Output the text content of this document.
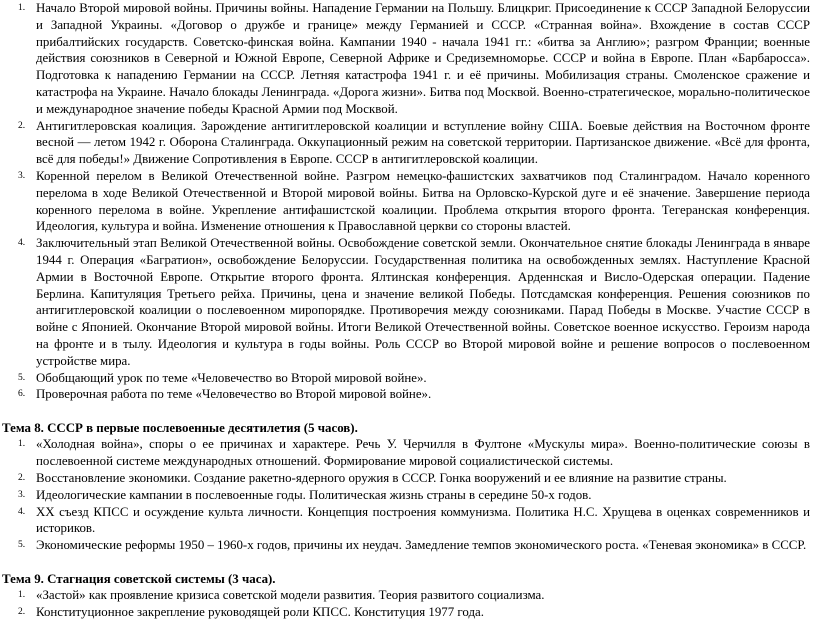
1. Начало Второй мировой войны. Причины войны. Нападение Германии на Польшу. Блицкриг. Присоединение к СССР Западной Белоруссии и Западной Украины. «Договор о дружбе и границе» между Германией и СССР. «Странная война». Вхождение в состав СССР прибалтийских государств. Советско-финская война. Кампании 1940 - начала 1941 гг.: «битва за Англию»; разгром Франции; военные действия союзников в Северной и Южной Европе, Северной Африке и Средиземноморье. СССР и война в Европе. План «Барбаросса». Подготовка к нападению Германии на СССР. Летняя катастрофа 1941 г. и её причины. Мобилизация страны. Смоленское сражение и катастрофа на Украине. Начало блокады Ленинграда. «Дорога жизни». Битва под Москвой. Военно-стратегическое, морально-политическое и международное значение победы Красной Армии под Москвой.
2. Антигитлеровская коалиция. Зарождение антигитлеровской коалиции и вступление войну США. Боевые действия на Восточном фронте весной — летом 1942 г. Оборона Сталинграда. Оккупационный режим на советской территории. Партизанское движение. «Всё для фронта, всё для победы!» Движение Сопротивления в Европе. СССР в антигитлеровской коалиции.
3. Коренной перелом в Великой Отечественной войне. Разгром немецко-фашистских захватчиков под Сталинградом. Начало коренного перелома в ходе Великой Отечественной и Второй мировой войны. Битва на Орловско-Курской дуге и её значение. Завершение периода коренного перелома в войне. Укрепление антифашистской коалиции. Проблема открытия второго фронта. Тегеранская конференция. Идеология, культура и война. Изменение отношения к Православной церкви со стороны властей.
4. Заключительный этап Великой Отечественной войны. Освобождение советской земли. Окончательное снятие блокады Ленинграда в январе 1944 г. Операция «Багратион», освобождение Белоруссии. Государственная политика на освобожденных землях. Наступление Красной Армии в Восточной Европе. Открытие второго фронта. Ялтинская конференция. Арденнская и Висло-Одерская операции. Падение Берлина. Капитуляция Третьего рейха. Причины, цена и значение великой Победы. Потсдамская конференция. Решения союзников по антигитлеровской коалиции о послевоенном миропорядке. Противоречия между союзниками. Парад Победы в Москве. Участие СССР в войне с Японией. Окончание Второй мировой войны. Итоги Великой Отечественной войны. Советское военное искусство. Героизм народа на фронте и в тылу. Идеология и культура в годы войны. Роль СССР во Второй мировой войне и решение вопросов о послевоенном устройстве мира.
5. Обобщающий урок по теме «Человечество во Второй мировой войне».
6. Проверочная работа по теме «Человечество во Второй мировой войне».
Тема 8. СССР в первые послевоенные десятилетия (5 часов).
1. «Холодная война», споры о ее причинах и характере. Речь У. Черчилля в Фултоне «Мускулы мира». Военно-политические союзы в послевоенной системе международных отношений. Формирование мировой социалистической системы.
2. Восстановление экономики. Создание ракетно-ядерного оружия в СССР. Гонка вооружений и ее влияние на развитие страны.
3. Идеологические кампании в послевоенные годы. Политическая жизнь страны в середине 50-х годов.
4. XX съезд КПСС и осуждение культа личности. Концепция построения коммунизма. Политика Н.С. Хрущева в оценках современников и историков.
5. Экономические реформы 1950 – 1960-х годов, причины их неудач. Замедление темпов экономического роста. «Теневая экономика» в СССР.
Тема 9. Стагнация советской системы (3 часа).
1. «Застой» как проявление кризиса советской модели развития. Теория развитого социализма.
2. Конституционное закрепление руководящей роли КПСС. Конституция 1977 года.
